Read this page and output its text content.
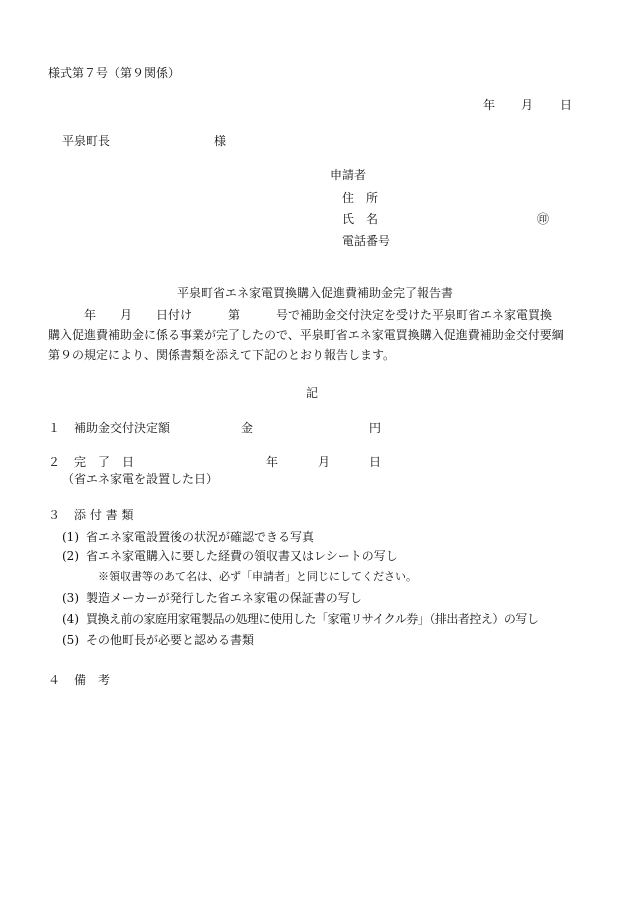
様式第７号（第９関係）
年 月 日
平泉町長	様
申請者
住　所
氏　名	㊞
電話番号
平泉町省エネ家電買換購入促進費補助金完了報告書
　　　年　　月　　日付け　　　第　　　号で補助金交付決定を受けた平泉町省エネ家電買換
購入促進費補助金に係る事業が完了したので、平泉町省エネ家電買換購入促進費補助金交付要綱
第９の規定により、関係書類を添えて下記のとおり報告します。
記
１ 補助金交付決定額	金	円
２ 完　了　日	年	月	日
（省エネ家電を設置した日）
３ 添 付 書 類
(1) 省エネ家電設置後の状況が確認できる写真
(2) 省エネ家電購入に要した経費の領収書又はレシートの写し
※領収書等のあて名は、必ず「申請者」と同じにしてください。
(3) 製造メーカーが発行した省エネ家電の保証書の写し
(4) 買換え前の家庭用家電製品の処理に使用した「家電リサイクル券」（排出者控え）の写し
(5) その他町長が必要と認める書類
４ 備　考
